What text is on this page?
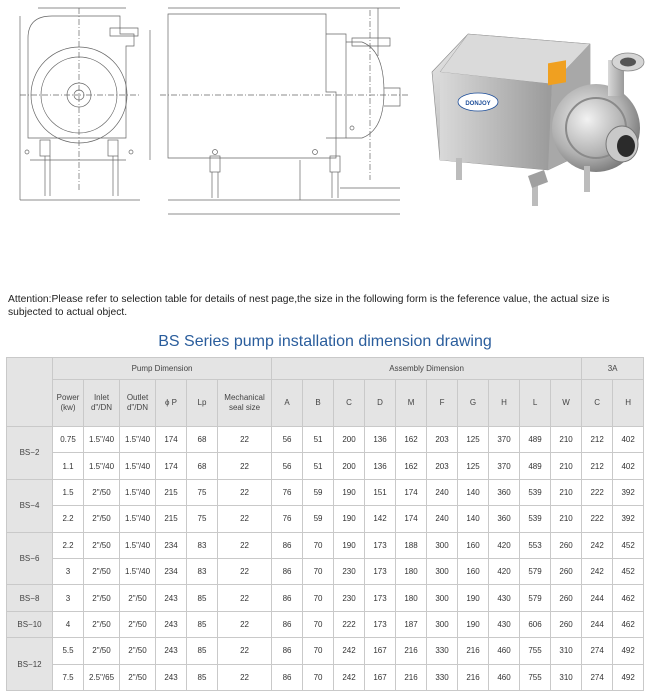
DONJOY
Attention:Please refer to selection table for details of nest page,the size in the following form is the feference value, the actual size is subjected to actual object.
BS Series pump installation dimension drawing
	Pump Dimension						Assembly Dimension										3A	
	Power (kw)	Inlet d"/DN	Outlet d"/DN	ϕ P	Lp	Mechanical seal size	A	B	C	D	M	F	G	H	L	W	C	H
BS−2	0.75	1.5"/40	1.5"/40	174	68	22	56	51	200	136	162	203	125	370	489	210	212	402
	1.1	1.5"/40	1.5"/40	174	68	22	56	51	200	136	162	203	125	370	489	210	212	402
BS−4	1.5	2"/50	1.5"/40	215	75	22	76	59	190	151	174	240	140	360	539	210	222	392
	2.2	2"/50	1.5"/40	215	75	22	76	59	190	142	174	240	140	360	539	210	222	392
BS−6	2.2	2"/50	1.5"/40	234	83	22	86	70	190	173	188	300	160	420	553	260	242	452
	3	2"/50	1.5"/40	234	83	22	86	70	230	173	180	300	160	420	579	260	242	452
BS−8	3	2"/50	2"/50	243	85	22	86	70	230	173	180	300	190	430	579	260	244	462
BS−10	4	2"/50	2"/50	243	85	22	86	70	222	173	187	300	190	430	606	260	244	462
BS−12	5.5	2"/50	2"/50	243	85	22	86	70	242	167	216	330	216	460	755	310	274	492
	7.5	2.5"/65	2"/50	243	85	22	86	70	242	167	216	330	216	460	755	310	274	492
